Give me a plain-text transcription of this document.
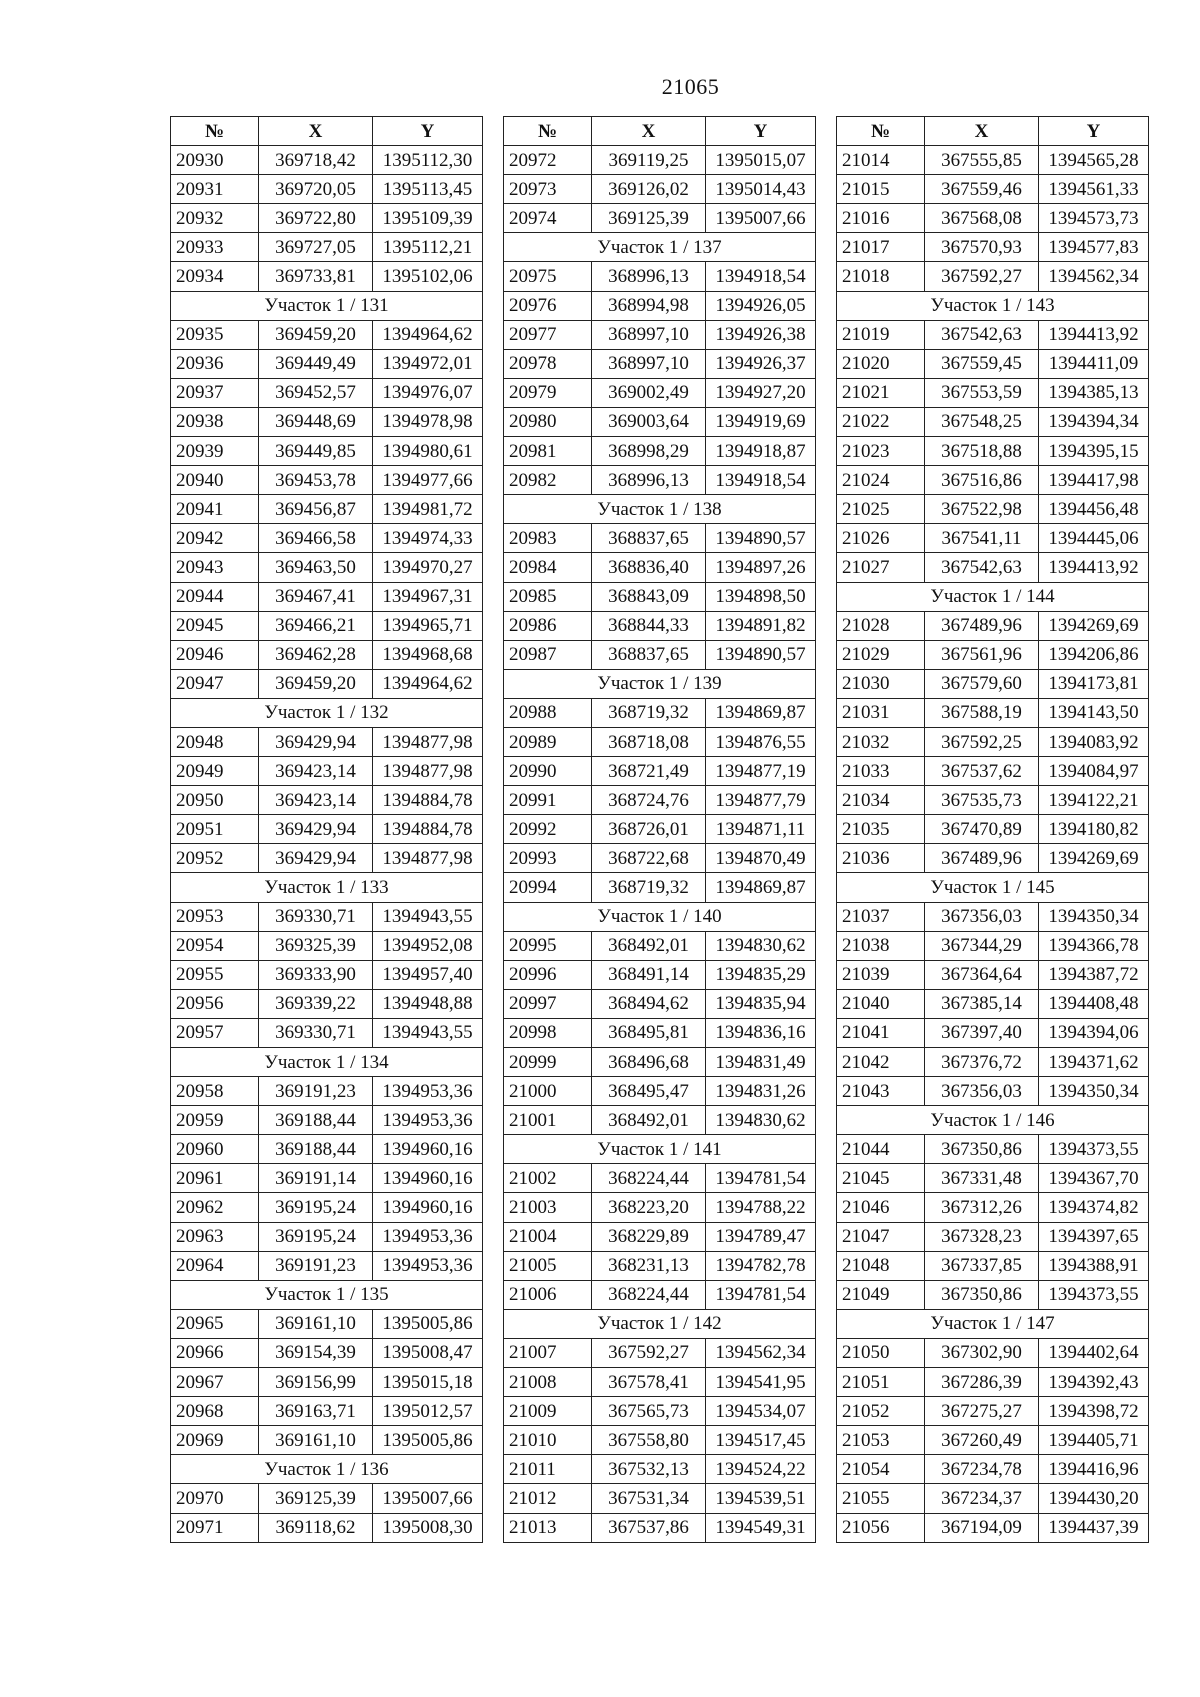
21065
№	X	Y
20930	369718,42	1395112,30
20931	369720,05	1395113,45
20932	369722,80	1395109,39
20933	369727,05	1395112,21
20934	369733,81	1395102,06
Участок 1 / 131		
20935	369459,20	1394964,62
20936	369449,49	1394972,01
20937	369452,57	1394976,07
20938	369448,69	1394978,98
20939	369449,85	1394980,61
20940	369453,78	1394977,66
20941	369456,87	1394981,72
20942	369466,58	1394974,33
20943	369463,50	1394970,27
20944	369467,41	1394967,31
20945	369466,21	1394965,71
20946	369462,28	1394968,68
20947	369459,20	1394964,62
Участок 1 / 132		
20948	369429,94	1394877,98
20949	369423,14	1394877,98
20950	369423,14	1394884,78
20951	369429,94	1394884,78
20952	369429,94	1394877,98
Участок 1 / 133		
20953	369330,71	1394943,55
20954	369325,39	1394952,08
20955	369333,90	1394957,40
20956	369339,22	1394948,88
20957	369330,71	1394943,55
Участок 1 / 134		
20958	369191,23	1394953,36
20959	369188,44	1394953,36
20960	369188,44	1394960,16
20961	369191,14	1394960,16
20962	369195,24	1394960,16
20963	369195,24	1394953,36
20964	369191,23	1394953,36
Участок 1 / 135		
20965	369161,10	1395005,86
20966	369154,39	1395008,47
20967	369156,99	1395015,18
20968	369163,71	1395012,57
20969	369161,10	1395005,86
Участок 1 / 136		
20970	369125,39	1395007,66
20971	369118,62	1395008,30
№	X	Y
20972	369119,25	1395015,07
20973	369126,02	1395014,43
20974	369125,39	1395007,66
Участок 1 / 137		
20975	368996,13	1394918,54
20976	368994,98	1394926,05
20977	368997,10	1394926,38
20978	368997,10	1394926,37
20979	369002,49	1394927,20
20980	369003,64	1394919,69
20981	368998,29	1394918,87
20982	368996,13	1394918,54
Участок 1 / 138		
20983	368837,65	1394890,57
20984	368836,40	1394897,26
20985	368843,09	1394898,50
20986	368844,33	1394891,82
20987	368837,65	1394890,57
Участок 1 / 139		
20988	368719,32	1394869,87
20989	368718,08	1394876,55
20990	368721,49	1394877,19
20991	368724,76	1394877,79
20992	368726,01	1394871,11
20993	368722,68	1394870,49
20994	368719,32	1394869,87
Участок 1 / 140		
20995	368492,01	1394830,62
20996	368491,14	1394835,29
20997	368494,62	1394835,94
20998	368495,81	1394836,16
20999	368496,68	1394831,49
21000	368495,47	1394831,26
21001	368492,01	1394830,62
Участок 1 / 141		
21002	368224,44	1394781,54
21003	368223,20	1394788,22
21004	368229,89	1394789,47
21005	368231,13	1394782,78
21006	368224,44	1394781,54
Участок 1 / 142		
21007	367592,27	1394562,34
21008	367578,41	1394541,95
21009	367565,73	1394534,07
21010	367558,80	1394517,45
21011	367532,13	1394524,22
21012	367531,34	1394539,51
21013	367537,86	1394549,31
№	X	Y
21014	367555,85	1394565,28
21015	367559,46	1394561,33
21016	367568,08	1394573,73
21017	367570,93	1394577,83
21018	367592,27	1394562,34
Участок 1 / 143		
21019	367542,63	1394413,92
21020	367559,45	1394411,09
21021	367553,59	1394385,13
21022	367548,25	1394394,34
21023	367518,88	1394395,15
21024	367516,86	1394417,98
21025	367522,98	1394456,48
21026	367541,11	1394445,06
21027	367542,63	1394413,92
Участок 1 / 144		
21028	367489,96	1394269,69
21029	367561,96	1394206,86
21030	367579,60	1394173,81
21031	367588,19	1394143,50
21032	367592,25	1394083,92
21033	367537,62	1394084,97
21034	367535,73	1394122,21
21035	367470,89	1394180,82
21036	367489,96	1394269,69
Участок 1 / 145		
21037	367356,03	1394350,34
21038	367344,29	1394366,78
21039	367364,64	1394387,72
21040	367385,14	1394408,48
21041	367397,40	1394394,06
21042	367376,72	1394371,62
21043	367356,03	1394350,34
Участок 1 / 146		
21044	367350,86	1394373,55
21045	367331,48	1394367,70
21046	367312,26	1394374,82
21047	367328,23	1394397,65
21048	367337,85	1394388,91
21049	367350,86	1394373,55
Участок 1 / 147		
21050	367302,90	1394402,64
21051	367286,39	1394392,43
21052	367275,27	1394398,72
21053	367260,49	1394405,71
21054	367234,78	1394416,96
21055	367234,37	1394430,20
21056	367194,09	1394437,39
